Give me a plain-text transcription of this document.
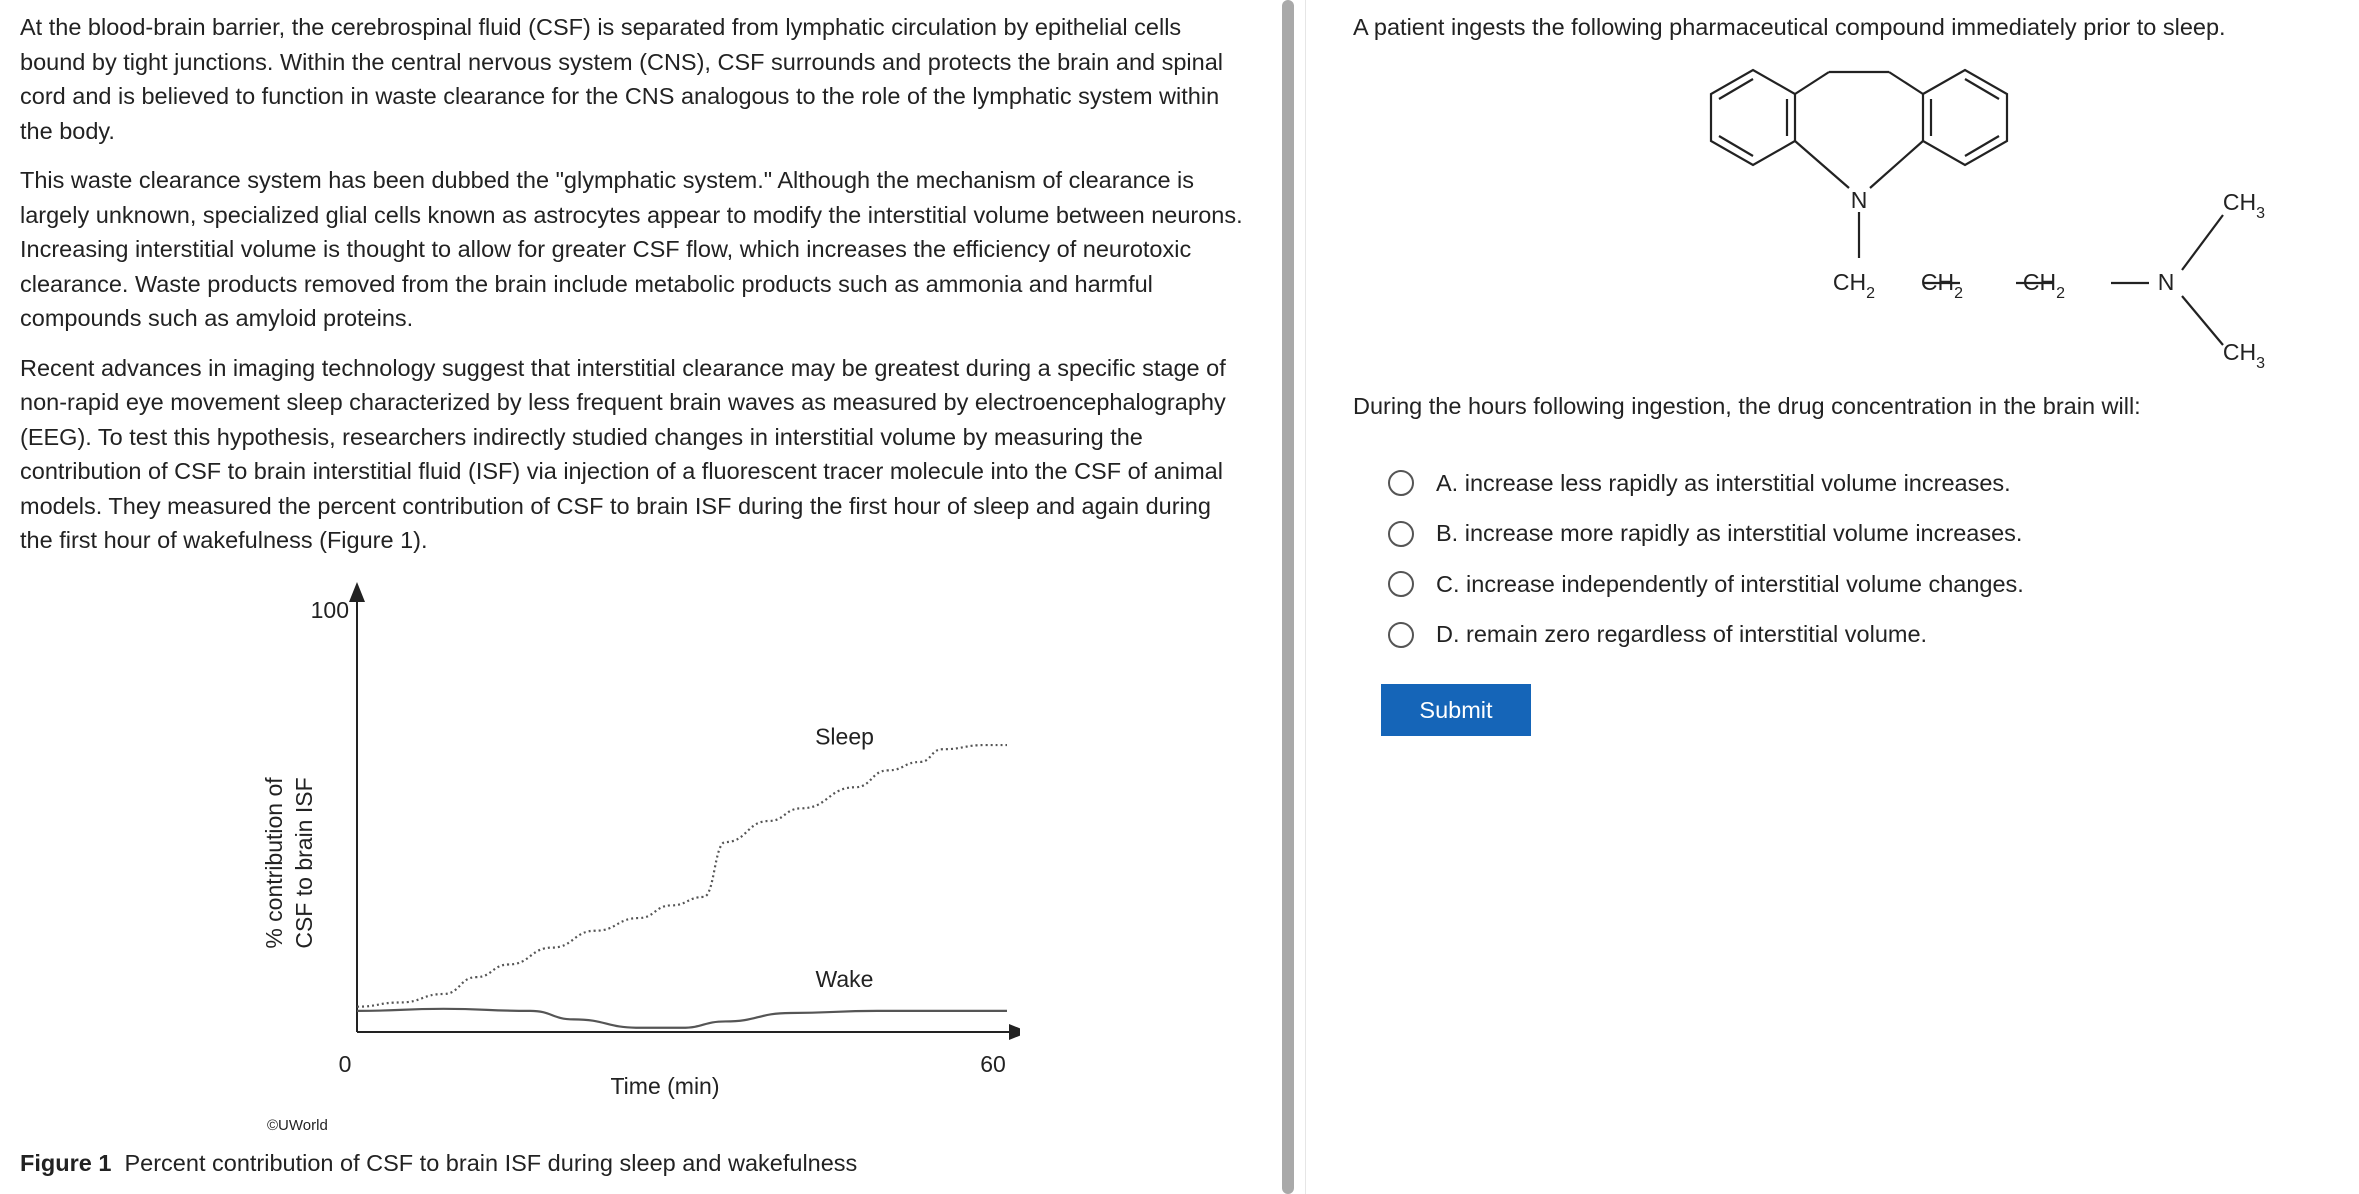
At the blood-brain barrier, the cerebrospinal fluid (CSF) is separated from lymphatic circulation by epithelial cells bound by tight junctions. Within the central nervous system (CNS), CSF surrounds and protects the brain and spinal cord and is believed to function in waste clearance for the CNS analogous to the role of the lymphatic system within the body.

This waste clearance system has been dubbed the "glymphatic system." Although the mechanism of clearance is largely unknown, specialized glial cells known as astrocytes appear to modify the interstitial volume between neurons. Increasing interstitial volume is thought to allow for greater CSF flow, which increases the efficiency of neurotoxic clearance. Waste products removed from the brain include metabolic products such as ammonia and harmful compounds such as amyloid proteins.

Recent advances in imaging technology suggest that interstitial clearance may be greatest during a specific stage of non-rapid eye movement sleep characterized by less frequent brain waves as measured by electroencephalography (EEG). To test this hypothesis, researchers indirectly studied changes in interstitial volume by measuring the contribution of CSF to brain interstitial fluid (ISF) via injection of a fluorescent tracer molecule into the CSF of animal models. They measured the percent contribution of CSF to brain ISF during the first hour of sleep and again during the first hour of wakefulness (Figure 1).

100
0	60
Time (min)
% contribution of CSF to brain ISF
Sleep
Wake
©UWorld
Figure 1 Percent contribution of CSF to brain ISF during sleep and wakefulness
A patient ingests the following pharmaceutical compound immediately prior to sleep.
N
$CH_2$ $CH_2$	$CH_2$	N
$CH_3$
$CH_3$
During the hours following ingestion, the drug concentration in the brain will:
A. increase less rapidly as interstitial volume increases.
B. increase more rapidly as interstitial volume increases.
C. increase independently of interstitial volume changes.
D. remain zero regardless of interstitial volume.
Submit
